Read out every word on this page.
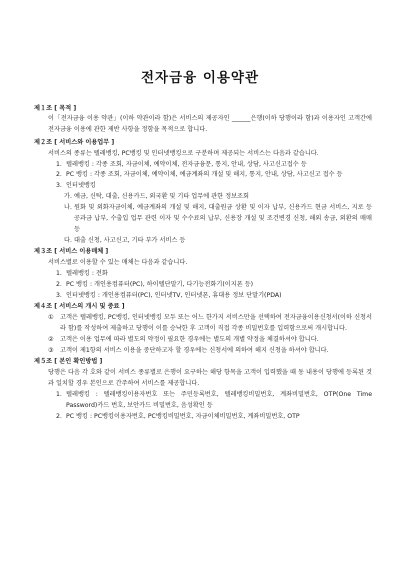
전자금융 이용약관
제１조 [ 목적 ]
이「전자금융 이용 약관」(이하 약관이라 함)은 서비스의 제공자인 ______은행(이하 당행이라 함)과 이용자인 고객간에 전자금융 이용에 관한 제반 사항을 정함을 목적으로 합니다.
제２조 [ 서비스와 이용업무 ]
서비스의 종류는 텔레뱅킹, PC뱅킹 및 인터넷뱅킹으로 구분하며 제공되는 서비스는 다음과 같습니다.
1. 텔레뱅킹 : 각종 조회, 자금이체, 예약이체, 전자금융문, 통지, 안내, 상담, 사고신고접수 등
2. PC 뱅킹 : 각종 조회, 자금이체, 예약이체, 예금계좌의 개설 및 해지, 통지, 안내, 상담, 사고신고 접수 등
3. 인터넷뱅킹
가. 예금, 신탁, 대출, 신용카드, 외국환 및 기타 업무에 관한 정보조회
나. 원화 및 외화자금이체, 예금계좌의 개설 및 해지, 대출원금 상환 및 이자 납부, 신용카드 현금 서비스, 지로 등 공과금 납부, 수출입 업무 관련 이자 및 수수료의 납부, 신용장 개설 및 조건변경 신청, 해외 송금, 외환의 매매 등
다. 대출 신청, 사고신고, 기타 부가 서비스 등
제３조 [ 서비스 이용매체 ]
서비스별로 이용할 수 있는 매체는 다음과 같습니다.
1. 텔레뱅킹 : 전화
2. PC 뱅킹 : 개인용컴퓨터(PC), 하이텔단말기, 다기능전화기(이지폰 등)
3. 인터넷뱅킹 : 개인용컴퓨터(PC), 인터넷TV, 인터넷폰, 휴대용 정보 단말기(PDA)
제４조 [ 서비스의 개시 및 중료 ]
①	고객은 텔레뱅킹, PC뱅킹, 인터넷뱅킹 모두 또는 어느 한가지 서비스만을 선택하여 전자금융이용신청서(이하 신청서라 함)를 작성하여 제출하고 당행이 이를 승낙한 후 고객이 직접 각종 비밀번호를 입력함으로써 개시합니다.
②	고객은 이용 업무에 따라 별도의 약정이 필요한 경우에는 별도의 개별 약정을 체결하셔야 합니다.
③	고객이 제1항의 서비스 이용을 중단하고자 할 경우에는 신청서에 의하여 해지 신청을 하셔야 합니다.
제５조 [ 본인 확인방법 ]
당행은 다음 각 호와 같이 서비스 종류별로 은행이 요구하는 해당 항목을 고객이 입력했을 때 동 내용이 당행에 등록된 것과 일치할 경우 본인으로 간주하여 서비스를 제공합니다.
1. 텔레뱅킹 : 텔레뱅킹이용자번호 또는 주민등록번호, 텔레뱅킹비밀번호, 계좌비밀번호, OTP(One Time Password)카드 번호, 보안카드 비밀번호, 음성확인 등
2. PC 뱅킹 : PC뱅킹이용자번호, PC뱅킹비밀번호, 자금이체비밀번호, 계좌비밀번호, OTP
